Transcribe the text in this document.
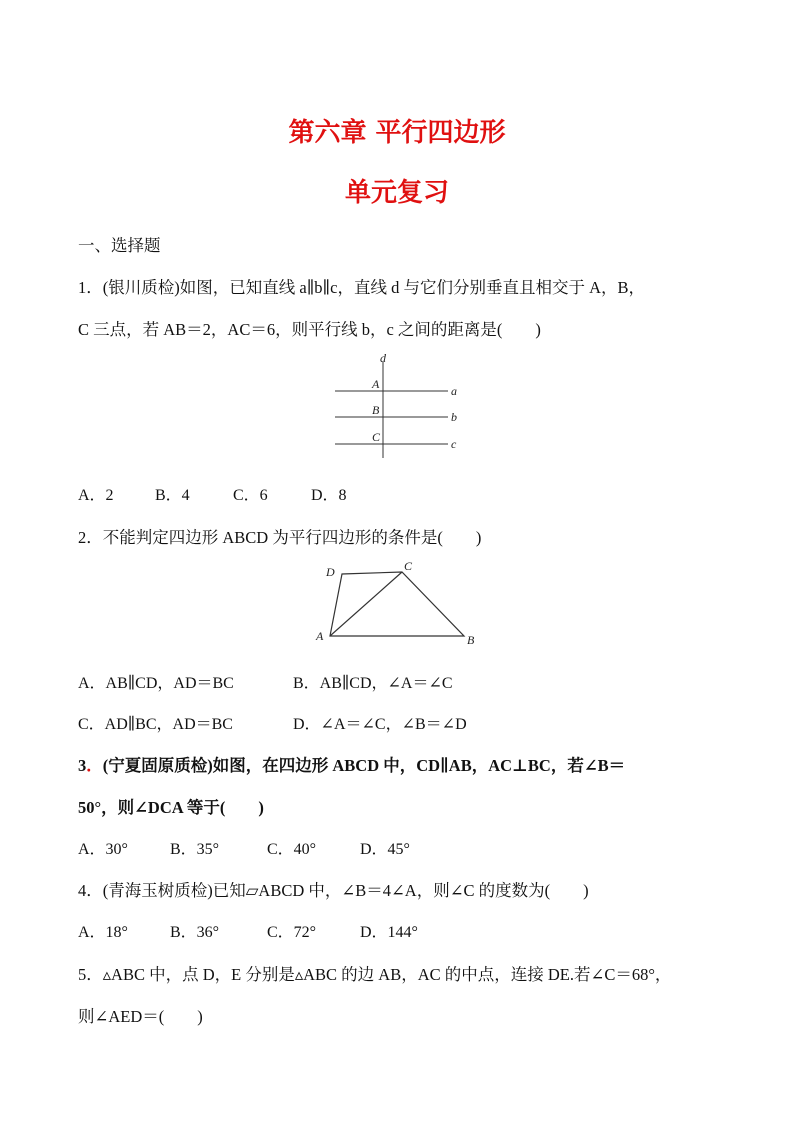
第六章 平行四边形
单元复习
一、选择题
1．(银川质检)如图，已知直线 a∥b∥c，直线 d 与它们分别垂直且相交于 A，B，
C 三点，若 AB＝2，AC＝6，则平行线 b，c 之间的距离是(　　)
d
A
B
C
a
b
c
A．2	B．4	C．6	D．8
2．不能判定四边形 ABCD 为平行四边形的条件是(　　)
D	C
A	B
A．AB∥CD，AD＝BC	B．AB∥CD，∠A＝∠C
C．AD∥BC，AD＝BC	D．∠A＝∠C，∠B＝∠D
3．(宁夏固原质检)如图，在四边形 ABCD 中，CD∥AB，AC⊥BC，若∠B＝
50°，则∠DCA 等于(　　)
A．30°	B．35°	C．40°	D．45°
4．(青海玉树质检)已知▱ABCD 中，∠B＝4∠A，则∠C 的度数为(　　)
A．18°	B．36°	C．72°	D．144°
5．▵ABC 中，点 D，E 分别是▵ABC 的边 AB，AC 的中点，连接 DE.若∠C＝68°，
则∠AED＝(　　)
